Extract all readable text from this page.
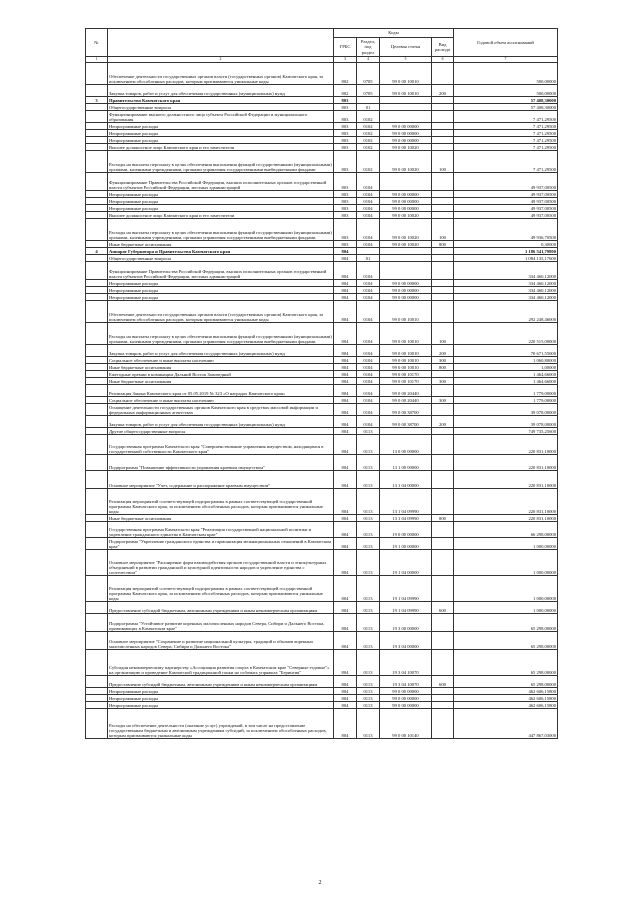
№		Коды				Годовой объем ассигнований
		ГРБС	Раздел, под раздел	Целевая статья	Вид расхода	
1	2	3	4	5	6	7
	Обеспечение деятельности государственных органов власти (государственных органов) Камчатского края, за исключением обособленных расходов, которым присваиваются уникальные коды	802	0705	99 0 00 10010		500,00000
	Закупка товаров, работ и услуг для обеспечения государственных (муниципальных) нужд	802	0705	99 0 00 10010	200	500,00000
3	Правительство Камчатского края	803				57 408,30000
	Общегосударственные вопросы	803	01			57 408,30000
	Функционирование высшего должностного лица субъекта Российской Федерации и муниципального образования	803	0102			7 471,29500
	Непрограммные расходы	803	0102	99 0 00 00000		7 471,29500
	Непрограммные расходы	803	0102	99 0 00 00000		7 471,29500
	Непрограммные расходы	803	0102	99 0 00 00000		7 471,29500
	Высшее должностное лицо Камчатского края и его заместители	803	0102	99 0 00 10020		7 471,29500
	Расходы на выплаты персоналу в целях обеспечения выполнения функций государственными (муниципальными) органами, казенными учреждениями, органами управления государственными внебюджетными фондами	803	0102	99 0 00 10020	100	7 471,29500
	Функционирование Правительства Российской Федерации, высших исполнительных органов государственной власти субъектов Российской Федерации, местных администраций	803	0104			49 937,00500
	Непрограммные расходы	803	0104	99 0 00 00000		49 937,00500
	Непрограммные расходы	803	0104	99 0 00 00000		49 937,00500
	Непрограммные расходы	803	0104	99 0 00 00000		49 937,00500
	Высшее должностное лицо Камчатского края и его заместители	803	0104	99 0 00 10020		49 937,00500
	Расходы на выплаты персоналу в целях обеспечения выполнения функций государственными (муниципальными) органами, казенными учреждениями, органами управления государственными внебюджетными фондами	803	0104	99 0 00 10020	100	49 936,70500
	Иные бюджетные ассигнования	803	0104	99 0 00 10020	800	0,30000
4	Аппарат Губернатора и Правительства Камчатского края	804				1 186 541,79800
	Общегосударственные вопросы	804	01			1 084 135,17600
	Функционирование Правительства Российской Федерации, высших исполнительных органов государственной власти субъектов Российской Федерации, местных администраций	804	0104			334 460,12000
	Непрограммные расходы	804	0104	99 0 00 00000		334 460,12000
	Непрограммные расходы	804	0104	99 0 00 00000		334 460,12000
	Непрограммные расходы	804	0104	99 0 00 00000		334 460,12000
	Обеспечение деятельности государственных органов власти (государственных органов) Камчатского края, за исключением обособленных расходов, которым присваиваются уникальные коды	804	0104	99 0 00 10010		292 248,46000
	Расходы на выплаты персоналу в целях обеспечения выполнения функций государственными (муниципальными) органами, казенными учреждениями, органами управления государственными внебюджетными фондами	804	0104	99 0 00 10010	100	220 515,00000
	Закупка товаров, работ и услуг для обеспечения государственных (муниципальных) нужд	804	0104	99 0 00 10010	200	70 671,55000
	Социальное обеспечение и иные выплаты населению	804	0104	99 0 00 10010	300	1 060,80000
	Иные бюджетные ассигнования	804	0104	99 0 00 10010	800	1,00000
	Ежегодные премии в номинации Дальний Восток Заповедный	804	0104	99 0 00 10170		1 464,66000
	Иные бюджетные ассигнования	804	0104	99 0 00 10170	300	1 464,66000
	Реализация Закона Камчатского края от 05.05.2019 № 323 «О наградах Камчатского края»	804	0104	99 0 00 20440		1 779,00000
	Социальное обеспечение и иные выплаты населению	804	0104	99 0 00 20440	300	1 779,00000
	Оснащение деятельности государственных органов Камчатского края в средствах массовой информации и федеральных информационных агентствах	804	0104	99 0 00 38700		39 078,00000
	Закупка товаров, работ и услуг для обеспечения государственных (муниципальных) нужд	804	0104	99 0 00 38700	200	39 078,00000
	Другие общегосударственные вопросы	804	0113			749 735,25600
	Государственная программа Камчатского края "Совершенствование управления имуществом, находящимся в государственной собственности Камчатского края"	804	0113	13 0 00 00000		220 831,10000
	Подпрограмма "Повышение эффективности управления краевым имуществом"	804	0113	13 1 00 00000		220 831,10000
	Основное мероприятие "Учет, содержание и распоряжение краевым имуществом"	804	0113	13 1 04 00000		220 831,10000
	Реализация мероприятий соответствующей подпрограммы в рамках соответствующей государственной программы Камчатского края, за исключением обособленных расходов, которым присваиваются уникальные коды	804	0113	13 1 04 09990		220 831,10000
	Иные бюджетные ассигнования	804	0113	13 1 04 09990	800	220 831,10000
	Государственная программа Камчатского края "Реализация государственной национальной политики и укрепление гражданского единства в Камчатском крае"	804	0113	19 0 00 00000		66 298,00000
	Подпрограмма "Укрепление гражданского единства и гармонизация межнациональных отношений в Камчатском крае"	804	0113	19 1 00 00000		1 000,00000
	Основное мероприятие "Расширение форм взаимодействия органов государственной власти и этнокультурных объединений в развитии гражданской и культурной идентичности народов и укрепление единства с соотечеством"	804	0113	19 1 04 00000		1 000,00000
	Реализация мероприятий соответствующей подпрограммы в рамках соответствующей государственной программы Камчатского края, за исключением обособленных расходов, которым присваиваются уникальные коды	804	0113	19 1 04 09990		1 000,00000
	Предоставление субсидий бюджетным, автономным учреждениям и иным некоммерческим организациям	804	0113	19 1 04 09990	600	1 000,00000
	Подпрограмма "Устойчивое развитие коренных малочисленных народов Севера, Сибири и Дальнего Востока, проживающих в Камчатском крае"	804	0113	19 3 00 00000		65 298,00000
	Основное мероприятие "Сохранение и развитие национальной культуры, традиций и обычаев коренных малочисленных народов Севера, Сибири и Дальнего Востока"	804	0113	19 3 04 00000		65 298,00000
	Субсидия некоммерческому партнерству «Ассоциация развития спорта в Камчатском крае "Северные ездовые"» на организацию и проведение Камчатской традиционной гонки на собачьих упряжках "Берингия"	804	0113	19 3 04 10070		65 298,00000
	Предоставление субсидий бюджетным, автономным учреждениям и иным некоммерческим организациям	804	0113	19 3 04 10070	600	65 298,00000
	Непрограммные расходы	804	0113	99 0 00 00000		462 606,15800
	Непрограммные расходы	804	0113	99 0 00 00000		462 606,15800
	Непрограммные расходы	804	0113	99 0 00 00000		462 606,15800
	Расходы на обеспечение деятельности (оказание услуг) учреждений, в том числе на предоставление государственным бюджетным и автономным учреждениям субсидий, за исключением обособленных расходов, которым присваиваются уникальные коды	804	0113	99 0 00 10140		447 867,03000
2
